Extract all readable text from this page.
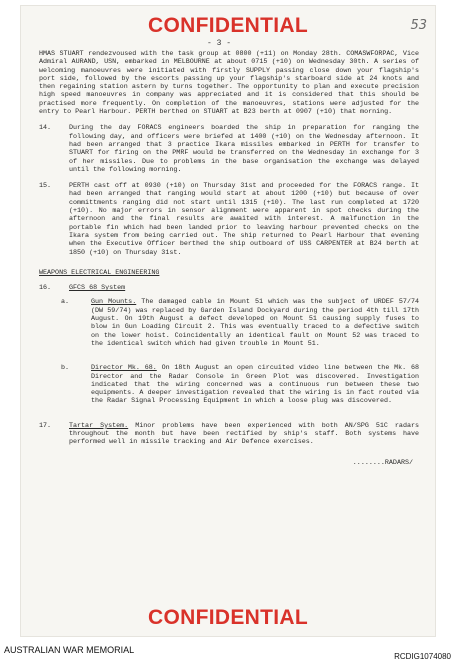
CONFIDENTIAL	53
- 3 -

HMAS STUART rendezvoused with the task group at 0800 (+11) on Monday 28th. COMASWFORPAC, Vice Admiral AURAND, USN, embarked in MELBOURNE at about 0715 (+10) on Wednesday 30th. A series of welcoming manoeuvres were initiated with firstly SUPPLY passing close down your flagship's port side, followed by the escorts passing up your flagship's starboard side at 24 knots and then regaining station astern by turns together. The opportunity to plan and execute precision high speed manoeuvres in company was appreciated and it is considered that this should be practised more frequently. On completion of the manoeuvres, stations were adjusted for the entry to Pearl Harbour. PERTH berthed on STUART at B23 berth at 0907 (+10) that morning.

14.	During the day FORACS engineers boarded the ship in preparation for ranging the following day, and officers were briefed at 1400 (+10) on the Wednesday afternoon. It had been arranged that 3 practice Ikara missiles embarked in PERTH for transfer to STUART for firing on the PMRF would be transferred on the Wednesday in exchange for 3 of her missiles. Due to problems in the base organisation the exchange was delayed until the following morning.

15.	PERTH cast off at 0930 (+10) on Thursday 31st and proceeded for the FORACS range. It had been arranged that ranging would start at about 1200 (+10) but because of over committments ranging did not start until 1315 (+10). The last run completed at 1720 (+10). No major errors in sensor alignment were apparent in spot checks during the afternoon and the final results are awaited with interest. A malfunction in the portable fin which had been landed prior to leaving harbour prevented checks on the Ikara system from being carried out. The ship returned to Pearl Harbour that evening when the Executive Officer berthed the ship outboard of USS CARPENTER at B24 berth at 1850 (+10) on Thursday 31st.

WEAPONS ELECTRICAL ENGINEERING
16.	GFCS 68 System
a.	Gun Mounts. The damaged cable in Mount 51 which was the subject of URDEF 57/74 (DW 59/74) was replaced by Garden Island Dockyard during the period 4th till 17th August. On 19th August a defect developed on Mount 51 causing supply fuses to blow in Gun Loading Circuit 2. This was eventually traced to a defective switch on the lower hoist. Coincidentally an identical fault on Mount 52 was traced to the identical switch which had given trouble in Mount 51.

b.	Director Mk. 68. On 18th August an open circuited video line between the Mk. 68 Director and the Radar Console in Green Plot was discovered. Investigation indicated that the wiring concerned was a continuous run between these two equipments. A deeper investigation revealed that the wiring is in fact routed via the Radar Signal Processing Equipment in which a loose plug was discovered.

17.	Tartar System. Minor problems have been experienced with both AN/SPG 51C radars throughout the month but have been rectified by ship's staff. Both systems have performed well in missile tracking and Air Defence exercises.

........RADARS/
CONFIDENTIAL
AUSTRALIAN WAR MEMORIAL
RCDIG1074080
